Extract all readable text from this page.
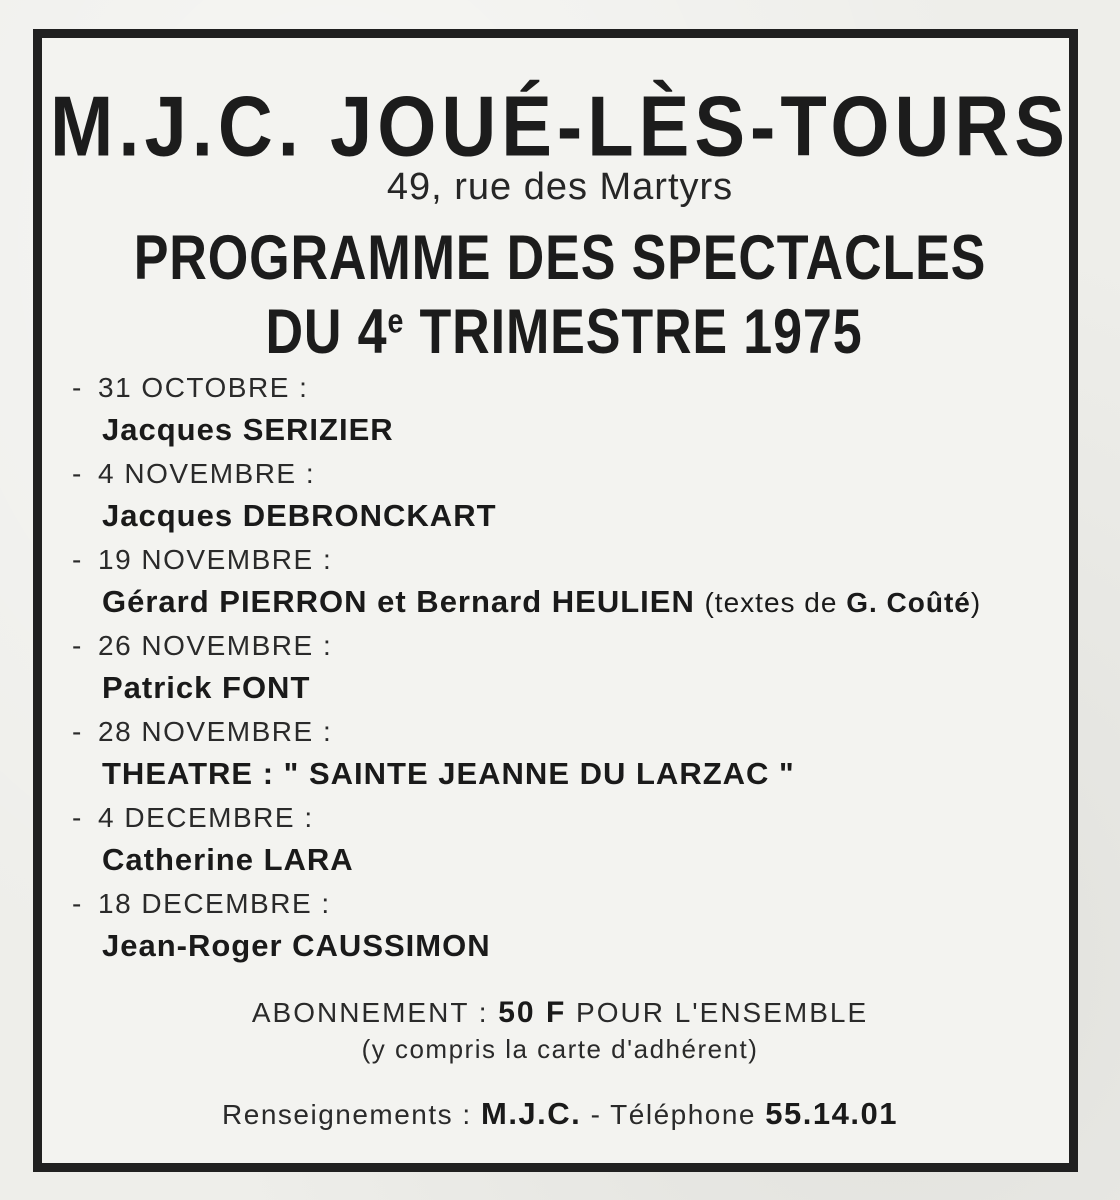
M.J.C. JOUÉ-LÈS-TOURS
49, rue des Martyrs
PROGRAMME DES SPECTACLES
DU 4e TRIMESTRE 1975
- 31 OCTOBRE :
Jacques SERIZIER
- 4 NOVEMBRE :
Jacques DEBRONCKART
- 19 NOVEMBRE :
Gérard PIERRON et Bernard HEULIEN (textes de G. Coûté)
- 26 NOVEMBRE :
Patrick FONT
- 28 NOVEMBRE :
THEATRE : " SAINTE JEANNE DU LARZAC "
- 4 DECEMBRE :
Catherine LARA
- 18 DECEMBRE :
Jean-Roger CAUSSIMON
ABONNEMENT : 50 F POUR L'ENSEMBLE
(y compris la carte d'adhérent)
Renseignements : M.J.C. - Téléphone 55.14.01
